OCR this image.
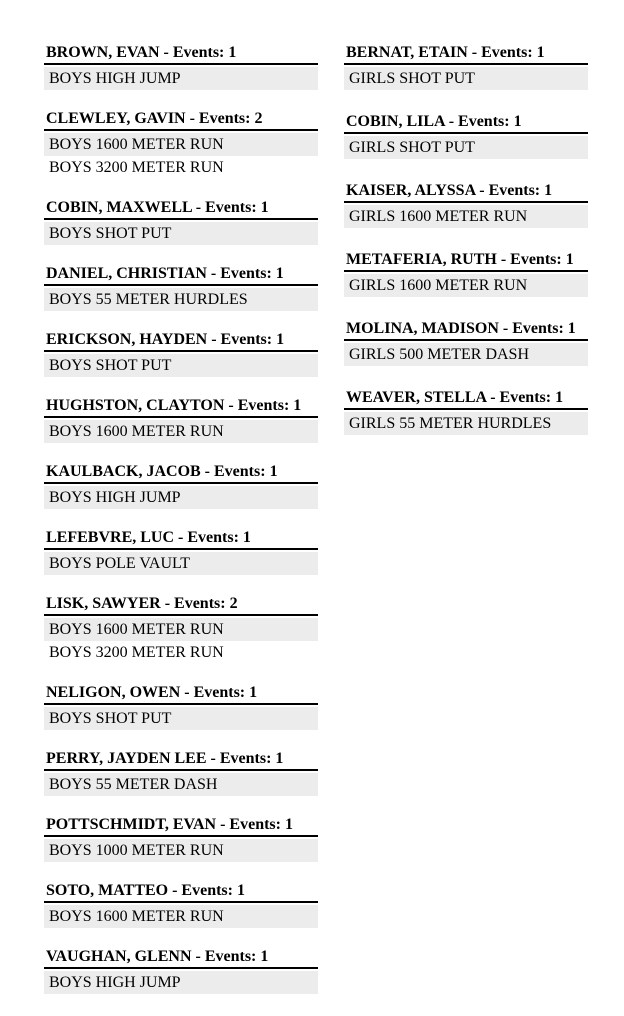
BROWN, EVAN - Events: 1
BOYS HIGH JUMP
CLEWLEY, GAVIN - Events: 2
BOYS 1600 METER RUN
BOYS 3200 METER RUN
COBIN, MAXWELL - Events: 1
BOYS SHOT PUT
DANIEL, CHRISTIAN - Events: 1
BOYS 55 METER HURDLES
ERICKSON, HAYDEN - Events: 1
BOYS SHOT PUT
HUGHSTON, CLAYTON - Events: 1
BOYS 1600 METER RUN
KAULBACK, JACOB - Events: 1
BOYS HIGH JUMP
LEFEBVRE, LUC - Events: 1
BOYS POLE VAULT
LISK, SAWYER - Events: 2
BOYS 1600 METER RUN
BOYS 3200 METER RUN
NELIGON, OWEN - Events: 1
BOYS SHOT PUT
PERRY, JAYDEN LEE - Events: 1
BOYS 55 METER DASH
POTTSCHMIDT, EVAN - Events: 1
BOYS 1000 METER RUN
SOTO, MATTEO - Events: 1
BOYS 1600 METER RUN
VAUGHAN, GLENN - Events: 1
BOYS HIGH JUMP
BERNAT, ETAIN - Events: 1
GIRLS SHOT PUT
COBIN, LILA - Events: 1
GIRLS SHOT PUT
KAISER, ALYSSA - Events: 1
GIRLS 1600 METER RUN
METAFERIA, RUTH - Events: 1
GIRLS 1600 METER RUN
MOLINA, MADISON - Events: 1
GIRLS 500 METER DASH
WEAVER, STELLA - Events: 1
GIRLS 55 METER HURDLES
